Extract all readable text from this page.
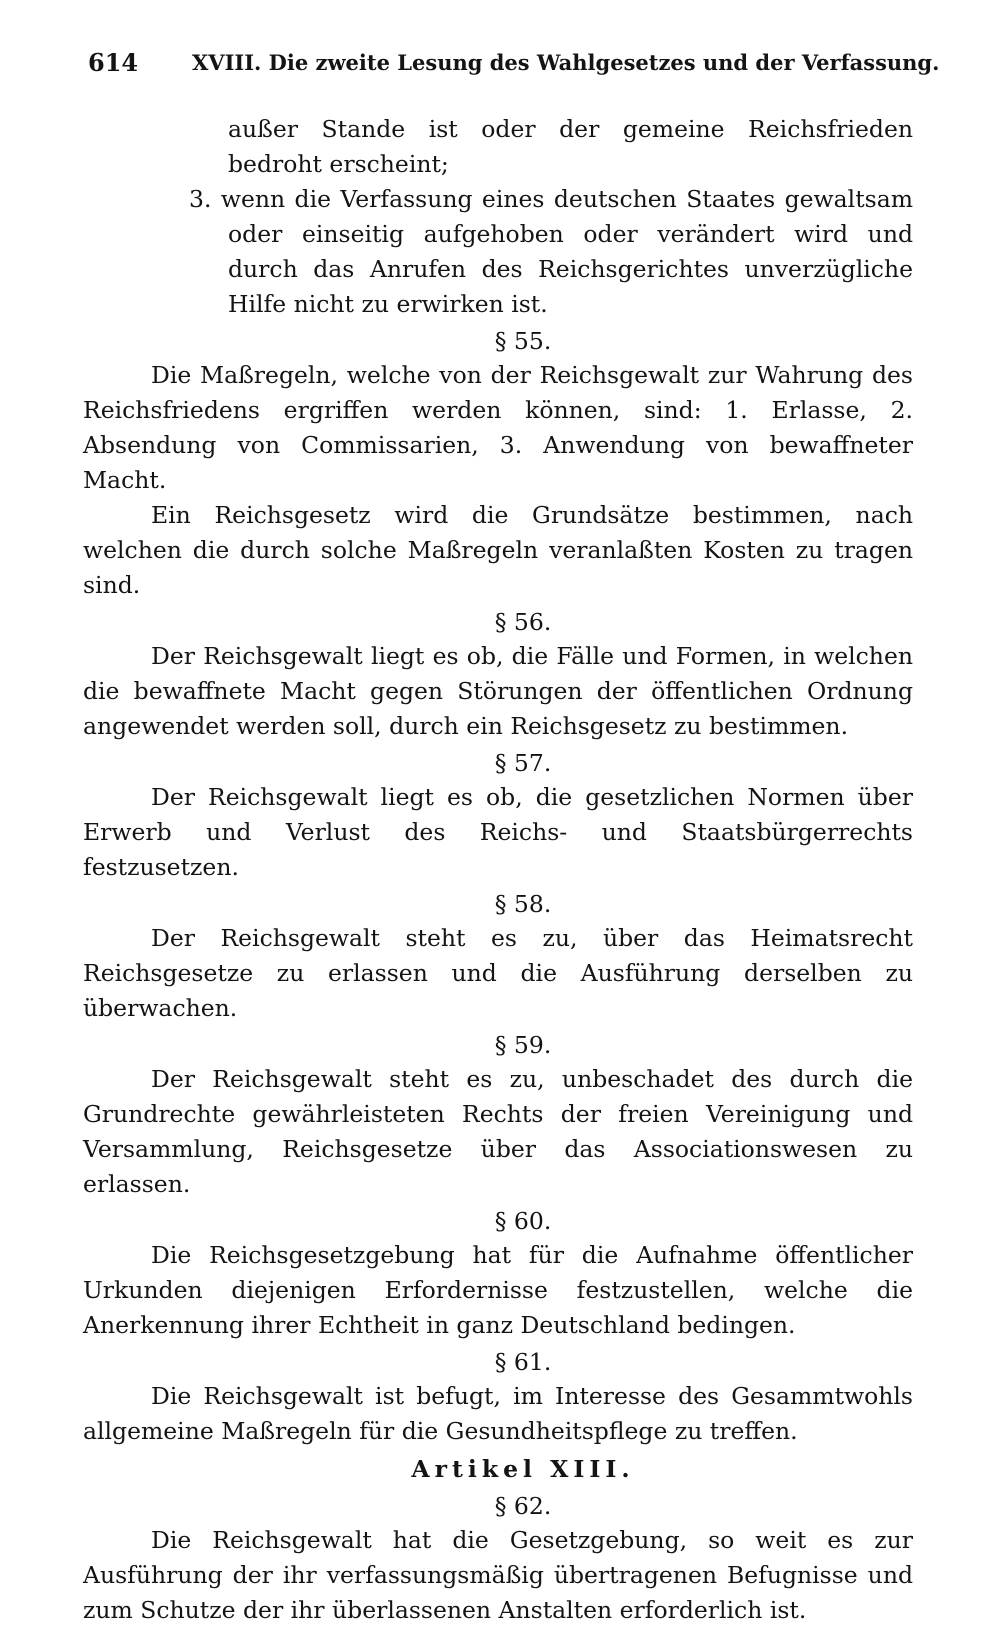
614	XVIII. Die zweite Lesung des Wahlgesetzes und der Verfassung.

außer Stande ist oder der gemeine Reichsfrieden bedroht erscheint;

3. wenn die Verfassung eines deutschen Staates gewaltsam oder einseitig aufgehoben oder verändert wird und durch das Anrufen des Reichsgerichtes unverzügliche Hilfe nicht zu erwirken ist.

§ 55.

Die Maßregeln, welche von der Reichsgewalt zur Wahrung des Reichsfriedens ergriffen werden können, sind: 1. Erlasse, 2. Absendung von Commissarien, 3. Anwendung von bewaffneter Macht.

Ein Reichsgesetz wird die Grundsätze bestimmen, nach welchen die durch solche Maßregeln veranlaßten Kosten zu tragen sind.

§ 56.

Der Reichsgewalt liegt es ob, die Fälle und Formen, in welchen die bewaffnete Macht gegen Störungen der öffentlichen Ordnung angewendet werden soll, durch ein Reichsgesetz zu bestimmen.

§ 57.

Der Reichsgewalt liegt es ob, die gesetzlichen Normen über Erwerb und Verlust des Reichs- und Staatsbürgerrechts festzusetzen.

§ 58.

Der Reichsgewalt steht es zu, über das Heimatsrecht Reichsgesetze zu erlassen und die Ausführung derselben zu überwachen.

§ 59.

Der Reichsgewalt steht es zu, unbeschadet des durch die Grundrechte gewährleisteten Rechts der freien Vereinigung und Versammlung, Reichsgesetze über das Associationswesen zu erlassen.

§ 60.

Die Reichsgesetzgebung hat für die Aufnahme öffentlicher Urkunden diejenigen Erfordernisse festzustellen, welche die Anerkennung ihrer Echtheit in ganz Deutschland bedingen.

§ 61.

Die Reichsgewalt ist befugt, im Interesse des Gesammtwohls allgemeine Maßregeln für die Gesundheitspflege zu treffen.

Artikel XIII.

§ 62.

Die Reichsgewalt hat die Gesetzgebung, so weit es zur Ausführung der ihr verfassungsmäßig übertragenen Befugnisse und zum Schutze der ihr überlassenen Anstalten erforderlich ist.
